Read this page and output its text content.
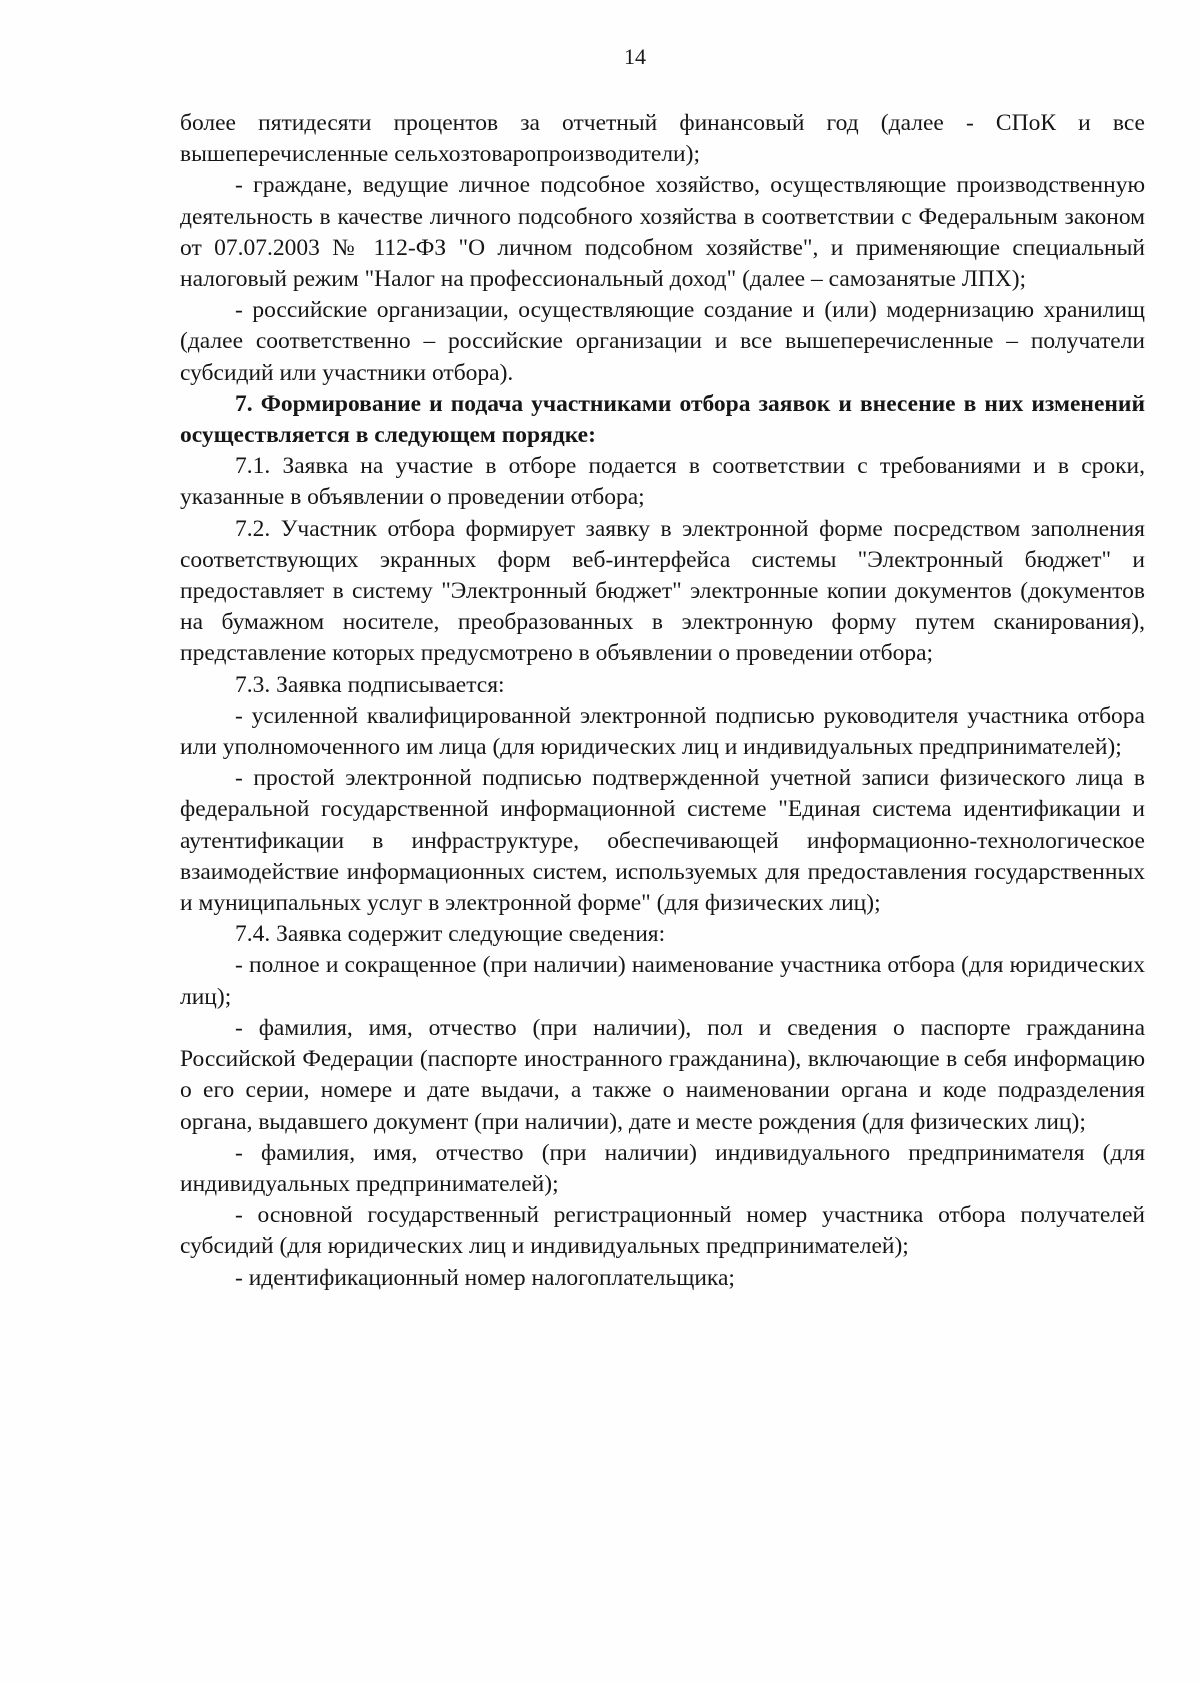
14

более пятидесяти процентов за отчетный финансовый год (далее - СПоК и все вышеперечисленные сельхозтоваропроизводители);

- граждане, ведущие личное подсобное хозяйство, осуществляющие производственную деятельность в качестве личного подсобного хозяйства в соответствии с Федеральным законом от 07.07.2003 № 112-ФЗ "О личном подсобном хозяйстве", и применяющие специальный налоговый режим "Налог на профессиональный доход" (далее – самозанятые ЛПХ);

- российские организации, осуществляющие создание и (или) модернизацию хранилищ (далее соответственно – российские организации и все вышеперечисленные – получатели субсидий или участники отбора).

7. Формирование и подача участниками отбора заявок и внесение в них изменений осуществляется в следующем порядке:

7.1. Заявка на участие в отборе подается в соответствии с требованиями и в сроки, указанные в объявлении о проведении отбора;

7.2. Участник отбора формирует заявку в электронной форме посредством заполнения соответствующих экранных форм веб-интерфейса системы "Электронный бюджет" и предоставляет в систему "Электронный бюджет" электронные копии документов (документов на бумажном носителе, преобразованных в электронную форму путем сканирования), представление которых предусмотрено в объявлении о проведении отбора;

7.3. Заявка подписывается:

- усиленной квалифицированной электронной подписью руководителя участника отбора или уполномоченного им лица (для юридических лиц и индивидуальных предпринимателей);

- простой электронной подписью подтвержденной учетной записи физического лица в федеральной государственной информационной системе "Единая система идентификации и аутентификации в инфраструктуре, обеспечивающей информационно-технологическое взаимодействие информационных систем, используемых для предоставления государственных и муниципальных услуг в электронной форме" (для физических лиц);

7.4. Заявка содержит следующие сведения:

- полное и сокращенное (при наличии) наименование участника отбора (для юридических лиц);

- фамилия, имя, отчество (при наличии), пол и сведения о паспорте гражданина Российской Федерации (паспорте иностранного гражданина), включающие в себя информацию о его серии, номере и дате выдачи, а также о наименовании органа и коде подразделения органа, выдавшего документ (при наличии), дате и месте рождения (для физических лиц);

- фамилия, имя, отчество (при наличии) индивидуального предпринимателя (для индивидуальных предпринимателей);

- основной государственный регистрационный номер участника отбора получателей субсидий (для юридических лиц и индивидуальных предпринимателей);

- идентификационный номер налогоплательщика;
